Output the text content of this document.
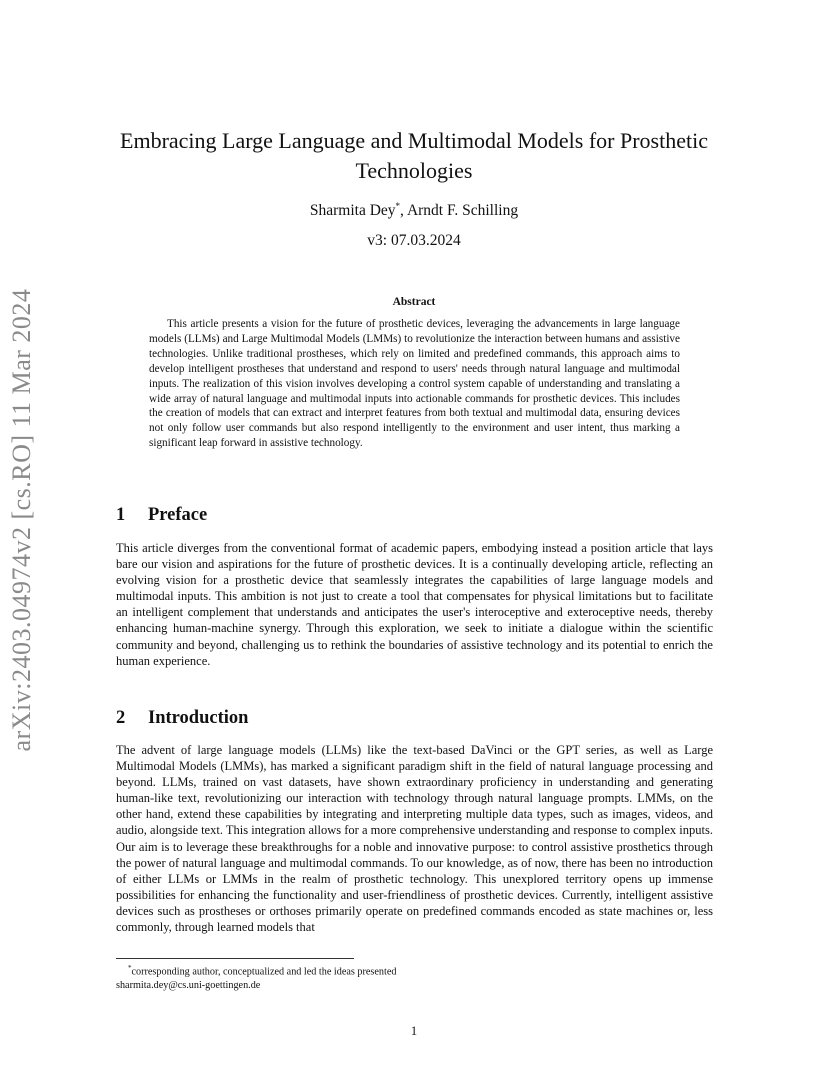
arXiv:2403.04974v2 [cs.RO] 11 Mar 2024
Embracing Large Language and Multimodal Models for Prosthetic Technologies
Sharmita Dey*, Arndt F. Schilling
v3: 07.03.2024
Abstract

This article presents a vision for the future of prosthetic devices, leveraging the advancements in large language models (LLMs) and Large Multimodal Models (LMMs) to revolutionize the interaction between humans and assistive technologies. Unlike traditional prostheses, which rely on limited and predefined commands, this approach aims to develop intelligent prostheses that understand and respond to users' needs through natural language and multimodal inputs. The realization of this vision involves developing a control system capable of understanding and translating a wide array of natural language and multimodal inputs into actionable commands for prosthetic devices. This includes the creation of models that can extract and interpret features from both textual and multimodal data, ensuring devices not only follow user commands but also respond intelligently to the environment and user intent, thus marking a significant leap forward in assistive technology.

1 Preface

This article diverges from the conventional format of academic papers, embodying instead a position article that lays bare our vision and aspirations for the future of prosthetic devices. It is a continually developing article, reflecting an evolving vision for a prosthetic device that seamlessly integrates the capabilities of large language models and multimodal inputs. This ambition is not just to create a tool that compensates for physical limitations but to facilitate an intelligent complement that understands and anticipates the user's interoceptive and exteroceptive needs, thereby enhancing human-machine synergy. Through this exploration, we seek to initiate a dialogue within the scientific community and beyond, challenging us to rethink the boundaries of assistive technology and its potential to enrich the human experience.

2 Introduction

The advent of large language models (LLMs) like the text-based DaVinci or the GPT series, as well as Large Multimodal Models (LMMs), has marked a significant paradigm shift in the field of natural language processing and beyond. LLMs, trained on vast datasets, have shown extraordinary proficiency in understanding and generating human-like text, revolutionizing our interaction with technology through natural language prompts. LMMs, on the other hand, extend these capabilities by integrating and interpreting multiple data types, such as images, videos, and audio, alongside text. This integration allows for a more comprehensive understanding and response to complex inputs. Our aim is to leverage these breakthroughs for a noble and innovative purpose: to control assistive prosthetics through the power of natural language and multimodal commands. To our knowledge, as of now, there has been no introduction of either LLMs or LMMs in the realm of prosthetic technology. This unexplored territory opens up immense possibilities for enhancing the functionality and user-friendliness of prosthetic devices. Currently, intelligent assistive devices such as prostheses or orthoses primarily operate on predefined commands encoded as state machines or, less commonly, through learned models that

*corresponding author, conceptualized and led the ideas presented
sharmita.dey@cs.uni-goettingen.de
1
